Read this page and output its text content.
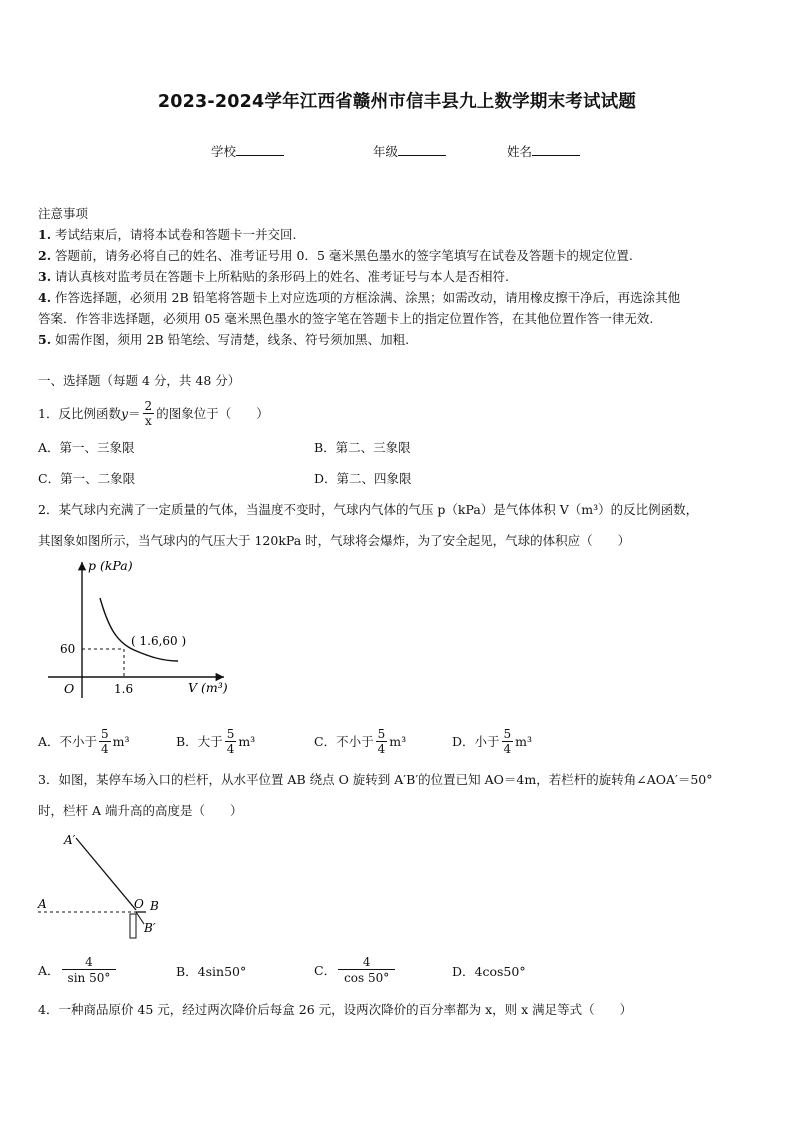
2023-2024学年江西省赣州市信丰县九上数学期末考试试题
学校	年级	姓名
注意事项
1. 考试结束后，请将本试卷和答题卡一并交回.
2. 答题前，请务必将自己的姓名、准考证号用 0．5 毫米黑色墨水的签字笔填写在试卷及答题卡的规定位置.
3. 请认真核对监考员在答题卡上所粘贴的条形码上的姓名、准考证号与本人是否相符.
4. 作答选择题，必须用 2B 铅笔将答题卡上对应选项的方框涂满、涂黑；如需改动，请用橡皮擦干净后，再选涂其他
答案．作答非选择题，必须用 05 毫米黑色墨水的签字笔在答题卡上的指定位置作答，在其他位置作答一律无效.
5. 如需作图，须用 2B 铅笔绘、写清楚，线条、符号须加黑、加粗.
一、选择题（每题 4 分，共 48 分）
1．反比例函数 $y = \frac{2}{x}$ 的图象位于（　　）
A．第一、三象限	B．第二、三象限
C．第一、二象限	D．第二、四象限
2．某气球内充满了一定质量的气体，当温度不变时，气球内气体的气压 p（kPa）是气体体积 V（m³）的反比例函数，
其图象如图所示，当气球内的气压大于 120kPa 时，气球将会爆炸，为了安全起见，气球的体积应（　　）
p (kPa)
V (m³)
O
60
1.6
( 1.6,60 )
A．不小于 $\frac{5}{4} m^3$	B．大于 $\frac{5}{4} m^3$	C．不小于 $\frac{5}{4} m^3$	D．小于 $\frac{5}{4} m^3$
3．如图，某停车场入口的栏杆，从水平位置 AB 绕点 O 旋转到 A′B′的位置已知 AO＝4m，若栏杆的旋转角∠AOA′＝50°
时，栏杆 A 端升高的高度是（　　）
A′
A	O B
B′
A． $\frac{4}{\sin 50^\circ}$	B．4sin50°	C． $\frac{4}{\cos 50^\circ}$	D．4cos50°
4．一种商品原价 45 元，经过两次降价后每盒 26 元，设两次降价的百分率都为 x，则 x 满足等式（　　）
